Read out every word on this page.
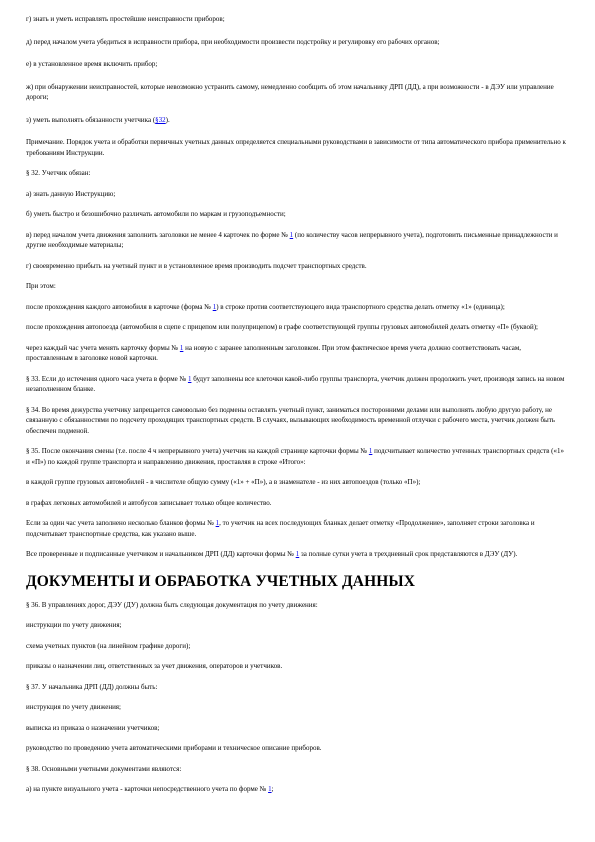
г) знать и уметь исправлять простейшие неисправности приборов;

д) перед началом учета убедиться в исправности прибора, при необходимости произвести подстройку и регулировку его рабочих органов;

е) в установленное время включить прибор;

ж) при обнаружении неисправностей, которые невозможно устранить самому, немедленно сообщить об этом начальнику ДРП (ДД), а при возможности - в ДЭУ или управление дороги;

з) уметь выполнять обязанности учетчика (§32).

Примечание. Порядок учета и обработки первичных учетных данных определяется специальными руководствами в зависимости от типа автоматического прибора применительно к требованиям Инструкции.

§ 32. Учетчик обязан:

а) знать данную Инструкцию;

б) уметь быстро и безошибочно различать автомобили по маркам и грузоподъемности;

в) перед началом учета движения заполнить заголовки не менее 4 карточек по форме № 1 (по количеству часов непрерывного учета), подготовить письменные принадлежности и другие необходимые материалы;

г) своевременно прибыть на учетный пункт и в установленное время производить подсчет транспортных средств.

При этом:

после прохождения каждого автомобиля в карточке (форма № 1) в строке против соответствующего вида транспортного средства делать отметку «1» (единица);

после прохождения автопоезда (автомобиля в сцепе с прицепом или полуприцепом) в графе соответствующей группы грузовых автомобилей делать отметку «П» (буквой);

через каждый час учета менять карточку формы № 1 на новую с заранее заполненным заголовком. При этом фактическое время учета должно соответствовать часам, проставленным в заголовке новой карточки.

§ 33. Если до истечения одного часа учета в форме № 1 будут заполнены все клеточки какой-либо группы транспорта, учетчик должен продолжить учет, производя запись на новом незаполненном бланке.

§ 34. Во время дежурства учетчику запрещается самовольно без подмены оставлять учетный пункт, заниматься посторонними делами или выполнять любую другую работу, не связанную с обязанностями по подсчету проходящих транспортных средств. В случаях, вызывающих необходимость временной отлучки с рабочего места, учетчик должен быть обеспечен подменой.

§ 35. После окончания смены (т.е. после 4 ч непрерывного учета) учетчик на каждой странице карточки формы № 1 подсчитывает количество учтенных транспортных средств («1» и «П») по каждой группе транспорта и направлению движения, проставляя в строке «Итого»:

в каждой группе грузовых автомобилей - в числителе общую сумму («1» + «П»), а в знаменателе - из них автопоездов (только «П»);

в графах легковых автомобилей и автобусов записывает только общее количество.

Если за один час учета заполнено несколько бланков формы № 1, то учетчик на всех последующих бланках делает отметку «Продолжение», заполняет строки заголовка и подсчитывает транспортные средства, как указано выше.

Все проверенные и подписанные учетчиком и начальником ДРП (ДД) карточки формы № 1 за полные сутки учета в трехдневный срок представляются в ДЭУ (ДУ).

ДОКУМЕНТЫ И ОБРАБОТКА УЧЕТНЫХ ДАННЫХ

§ 36. В управлениях дорог, ДЭУ (ДУ) должна быть следующая документация по учету движения:

инструкции по учету движения;

схема учетных пунктов (на линейном графике дороги);

приказы о назначении лиц, ответственных за учет движения, операторов и учетчиков.

§ 37. У начальника ДРП (ДД) должны быть:

инструкция по учету движения;

выписка из приказа о назначении учетчиков;

руководство по проведению учета автоматическими приборами и техническое описание приборов.

§ 38. Основными учетными документами являются:

а) на пункте визуального учета - карточки непосредственного учета по форме № 1;
